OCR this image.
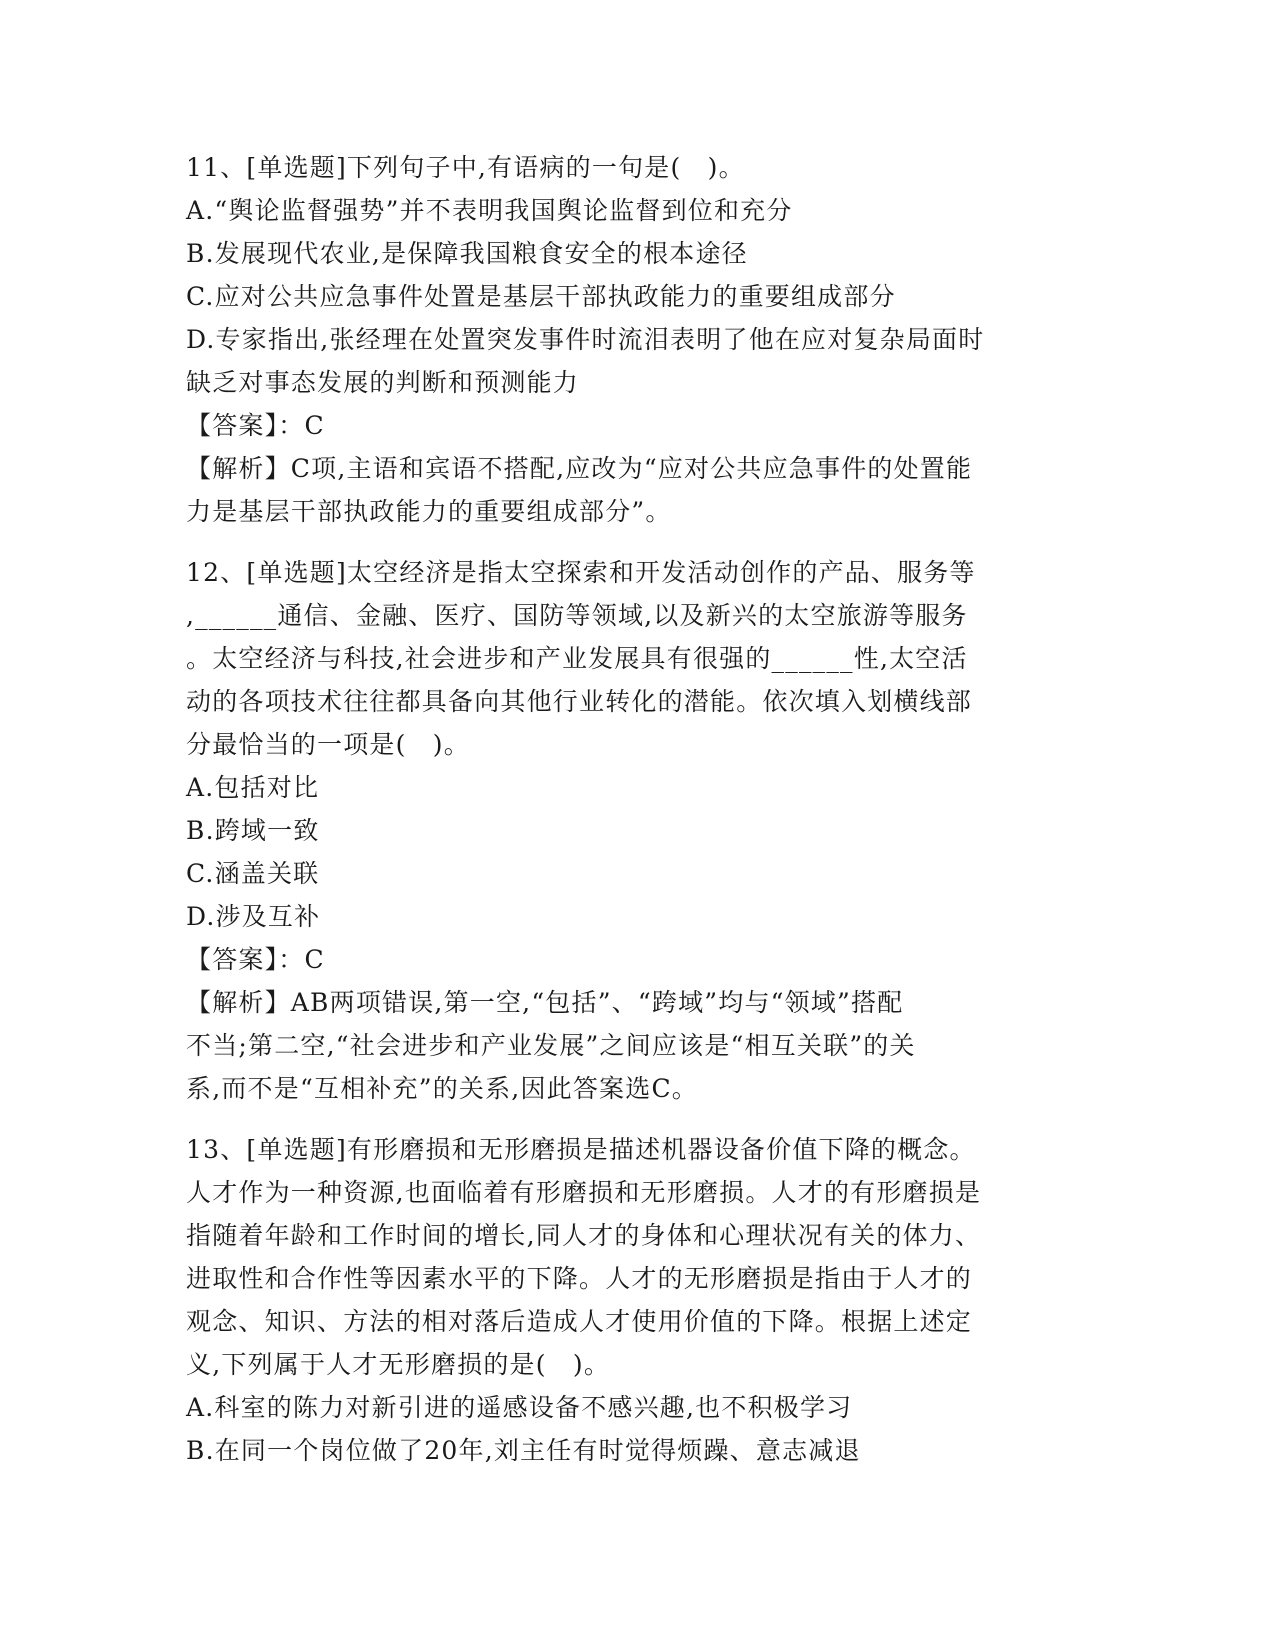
11、[单选题]下列句子中,有语病的一句是(　)。
A.“舆论监督强势”并不表明我国舆论监督到位和充分
B.发展现代农业,是保障我国粮食安全的根本途径
C.应对公共应急事件处置是基层干部执政能力的重要组成部分
D.专家指出,张经理在处置突发事件时流泪表明了他在应对复杂局面时
缺乏对事态发展的判断和预测能力
【答案】：C
【解析】C项,主语和宾语不搭配,应改为“应对公共应急事件的处置能
力是基层干部执政能力的重要组成部分”。
12、[单选题]太空经济是指太空探索和开发活动创作的产品、服务等
,______通信、金融、医疗、国防等领域,以及新兴的太空旅游等服务
。太空经济与科技,社会进步和产业发展具有很强的______性,太空活
动的各项技术往往都具备向其他行业转化的潜能。依次填入划横线部
分最恰当的一项是(　)。
A.包括对比
B.跨域一致
C.涵盖关联
D.涉及互补
【答案】：C
【解析】AB两项错误,第一空,“包括”、“跨域”均与“领域”搭配
不当;第二空,“社会进步和产业发展”之间应该是“相互关联”的关
系,而不是“互相补充”的关系,因此答案选C。
13、[单选题]有形磨损和无形磨损是描述机器设备价值下降的概念。
人才作为一种资源,也面临着有形磨损和无形磨损。人才的有形磨损是
指随着年龄和工作时间的增长,同人才的身体和心理状况有关的体力、
进取性和合作性等因素水平的下降。人才的无形磨损是指由于人才的
观念、知识、方法的相对落后造成人才使用价值的下降。根据上述定
义,下列属于人才无形磨损的是(　)。
A.科室的陈力对新引进的遥感设备不感兴趣,也不积极学习
B.在同一个岗位做了20年,刘主任有时觉得烦躁、意志减退
